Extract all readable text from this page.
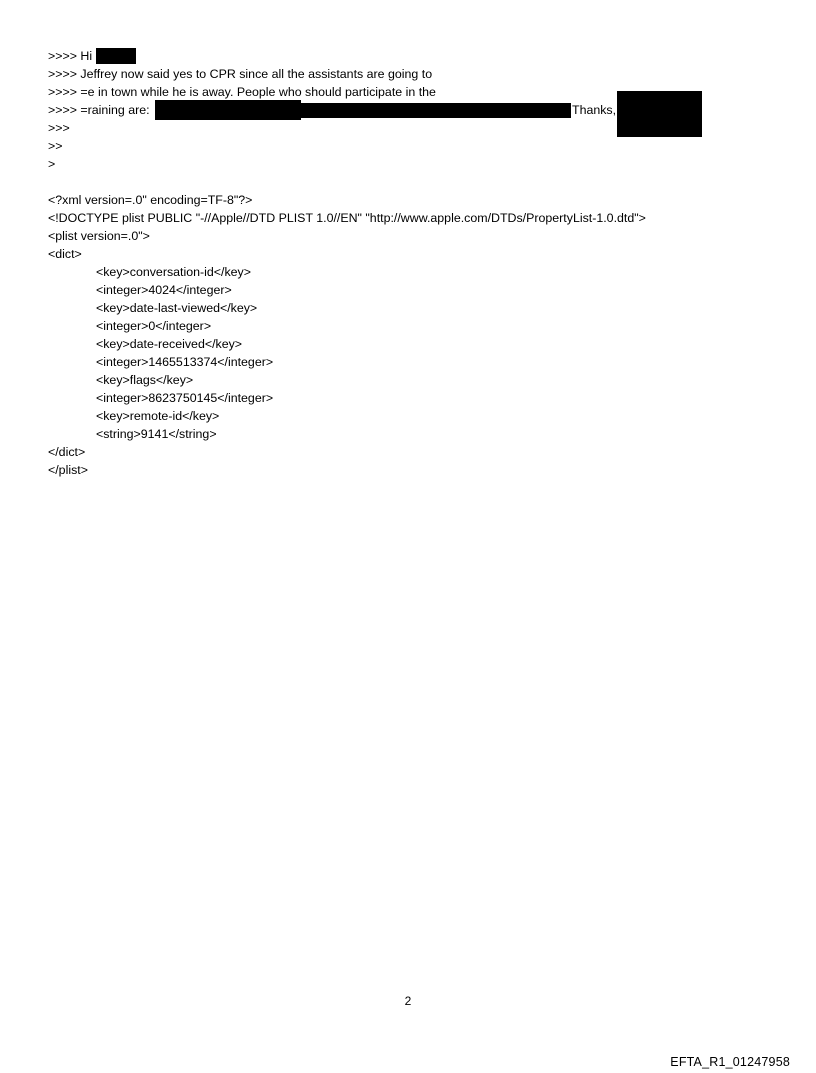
>>>> Hi
>>>> Jeffrey now said yes to CPR since all the assistants are going to
>>>> =e in town while he is away. People who should participate in the
>>>> =raining are:	Thanks,
>>>
>>
>
<?xml version=.0" encoding=TF-8"?>
<!DOCTYPE plist PUBLIC "-//Apple//DTD PLIST 1.0//EN" "http://www.apple.com/DTDs/PropertyList-1.0.dtd">
<plist version=.0">
<dict>
<key>conversation-id</key>
<integer>4024</integer>
<key>date-last-viewed</key>
<integer>0</integer>
<key>date-received</key>
<integer>1465513374</integer>
<key>flags</key>
<integer>8623750145</integer>
<key>remote-id</key>
<string>9141</string>
</dict>
</plist>
2
EFTA_R1_01247958
